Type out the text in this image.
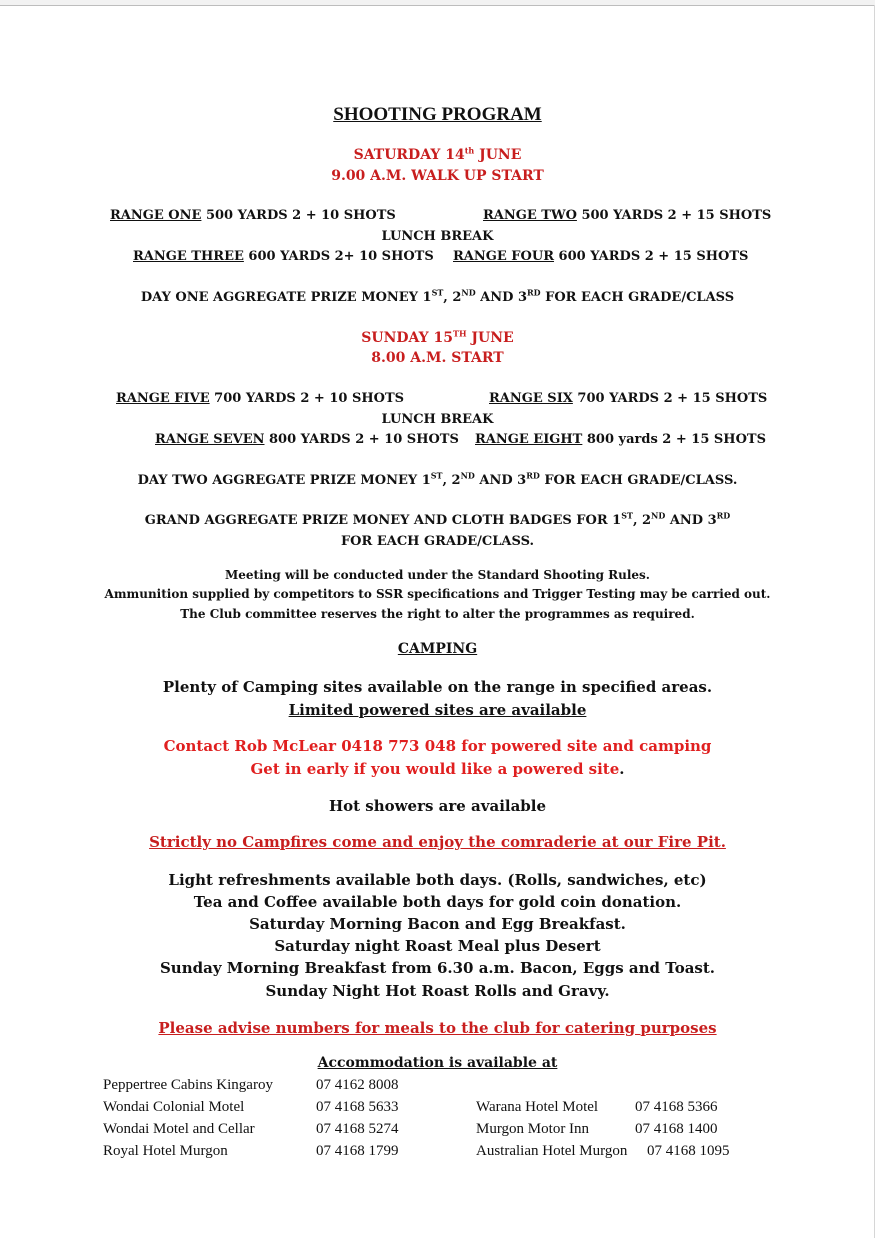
SHOOTING PROGRAM
SATURDAY 14th JUNE
9.00 A.M. WALK UP START
RANGE ONE 500 YARDS 2 + 10 SHOTS	RANGE TWO 500 YARDS 2 + 15 SHOTS
LUNCH BREAK
RANGE THREE 600 YARDS 2+ 10 SHOTS RANGE FOUR 600 YARDS 2 + 15 SHOTS
DAY ONE AGGREGATE PRIZE MONEY 1ST, 2ND AND 3RD FOR EACH GRADE/CLASS
SUNDAY 15TH JUNE
8.00 A.M. START
RANGE FIVE 700 YARDS 2 + 10 SHOTS	RANGE SIX 700 YARDS 2 + 15 SHOTS
LUNCH BREAK
RANGE SEVEN 800 YARDS 2 + 10 SHOTS RANGE EIGHT 800 yards 2 + 15 SHOTS
DAY TWO AGGREGATE PRIZE MONEY 1ST, 2ND AND 3RD FOR EACH GRADE/CLASS.
GRAND AGGREGATE PRIZE MONEY AND CLOTH BADGES FOR 1ST, 2ND AND 3RD
FOR EACH GRADE/CLASS.
Meeting will be conducted under the Standard Shooting Rules.
Ammunition supplied by competitors to SSR specifications and Trigger Testing may be carried out.
The Club committee reserves the right to alter the programmes as required.
CAMPING
Plenty of Camping sites available on the range in specified areas.
Limited powered sites are available
Contact Rob McLear 0418 773 048 for powered site and camping
Get in early if you would like a powered site.
Hot showers are available
Strictly no Campfires come and enjoy the comraderie at our Fire Pit.
Light refreshments available both days. (Rolls, sandwiches, etc)
Tea and Coffee available both days for gold coin donation.
Saturday Morning Bacon and Egg Breakfast.
Saturday night Roast Meal plus Desert
Sunday Morning Breakfast from 6.30 a.m. Bacon, Eggs and Toast.
Sunday Night Hot Roast Rolls and Gravy.
Please advise numbers for meals to the club for catering purposes
Accommodation is available at
Peppertree Cabins Kingaroy	07 4162 8008
Wondai Colonial Motel	07 4168 5633	Warana Hotel Motel 07 4168 5366
Wondai Motel and Cellar	07 4168 5274	Murgon Motor Inn	07 4168 1400
Royal Hotel Murgon	07 4168 1799	Australian Hotel Murgon 07 4168 1095
